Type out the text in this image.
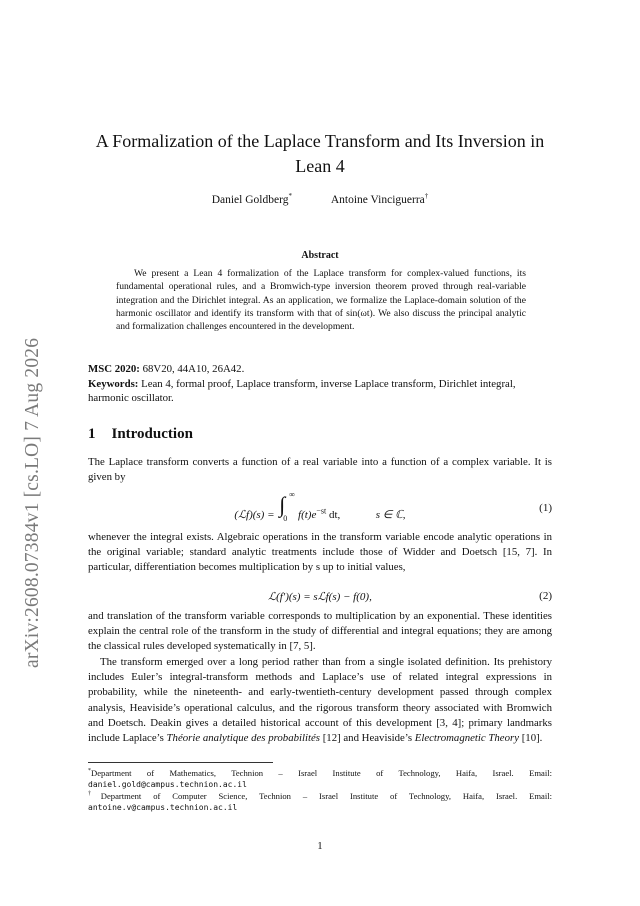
arXiv:2608.07384v1 [cs.LO] 7 Aug 2026
A Formalization of the Laplace Transform and Its Inversion in Lean 4
Daniel Goldberg*	Antoine Vinciguerra†
Abstract
We present a Lean 4 formalization of the Laplace transform for complex-valued functions, its fundamental operational rules, and a Bromwich-type inversion theorem proved through real-variable integration and the Dirichlet integral. As an application, we formalize the Laplace-domain solution of the harmonic oscillator and identify its transform with that of sin(ωt). We also discuss the principal analytic and formalization challenges encountered in the development.
MSC 2020: 68V20, 44A10, 26A42.
Keywords: Lean 4, formal proof, Laplace transform, inverse Laplace transform, Dirichlet integral, harmonic oscillator.
1 Introduction
The Laplace transform converts a function of a real variable into a function of a complex variable. It is given by
(ℒf)(s) = ∫ ∞
0 $f(t)e^{-st}$ dt,	s ∈ ℂ,
(1)
whenever the integral exists. Algebraic operations in the transform variable encode analytic operations in the original variable; standard analytic treatments include those of Widder and Doetsch [15, 7]. In particular, differentiation becomes multiplication by s up to initial values,
ℒ(f′)(s) = sℒf(s) − f(0),	(2)
and translation of the transform variable corresponds to multiplication by an exponential. These identities explain the central role of the transform in the study of differential and integral equations; they are among the classical rules developed systematically in [7, 5].
The transform emerged over a long period rather than from a single isolated definition. Its prehistory includes Euler’s integral-transform methods and Laplace’s use of related integral expressions in probability, while the nineteenth- and early-twentieth-century development passed through complex analysis, Heaviside’s operational calculus, and the rigorous transform theory associated with Bromwich and Doetsch. Deakin gives a detailed historical account of this development [3, 4]; primary landmarks include Laplace’s Théorie analytique des probabilités [12] and Heaviside’s Electromagnetic Theory [10].
*Department of Mathematics, Technion – Israel Institute of Technology, Haifa, Israel. Email: daniel.gold@campus.technion.ac.il
†Department of Computer Science, Technion – Israel Institute of Technology, Haifa, Israel. Email: antoine.v@campus.technion.ac.il
1
